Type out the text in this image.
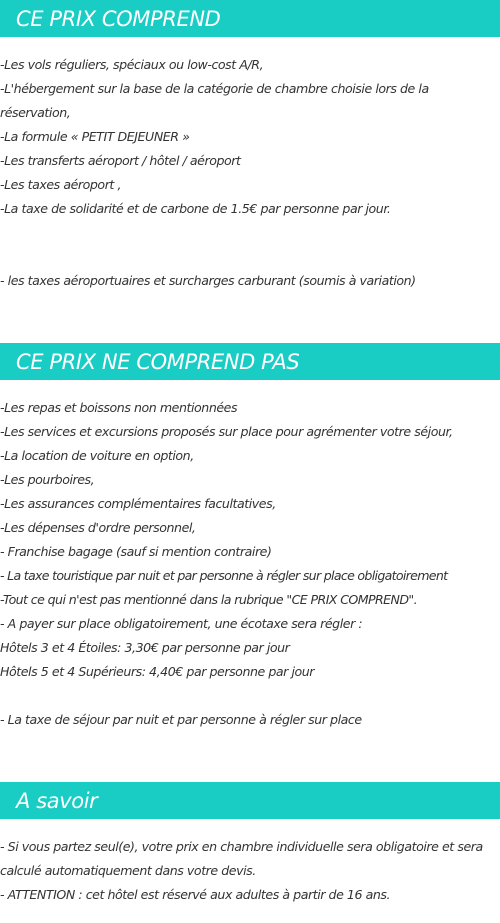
CE PRIX COMPREND
-Les vols réguliers, spéciaux ou low-cost A/R,
-L'hébergement sur la base de la catégorie de chambre choisie lors de la réservation,
-La formule « PETIT DEJEUNER »
-Les transferts aéroport / hôtel / aéroport
-Les taxes aéroport ,
-La taxe de solidarité et de carbone de 1.5€ par personne par jour.
- les taxes aéroportuaires et surcharges carburant (soumis à variation)
CE PRIX NE COMPREND PAS
-Les repas et boissons non mentionnées
-Les services et excursions proposés sur place pour agrémenter votre séjour,
-La location de voiture en option,
-Les pourboires,
-Les assurances complémentaires facultatives,
-Les dépenses d'ordre personnel,
- Franchise bagage (sauf si mention contraire)
- La taxe touristique par nuit et par personne à régler sur place obligatoirement
-Tout ce qui n'est pas mentionné dans la rubrique "CE PRIX COMPREND".
- A payer sur place obligatoirement, une écotaxe sera régler :
Hôtels 3 et 4 Étoiles: 3,30€ par personne par jour
Hôtels 5 et 4 Supérieurs: 4,40€ par personne par jour
- La taxe de séjour par nuit et par personne à régler sur place
A savoir
- Si vous partez seul(e), votre prix en chambre individuelle sera obligatoire et sera calculé automatiquement dans votre devis.
- ATTENTION : cet hôtel est réservé aux adultes à partir de 16 ans.
